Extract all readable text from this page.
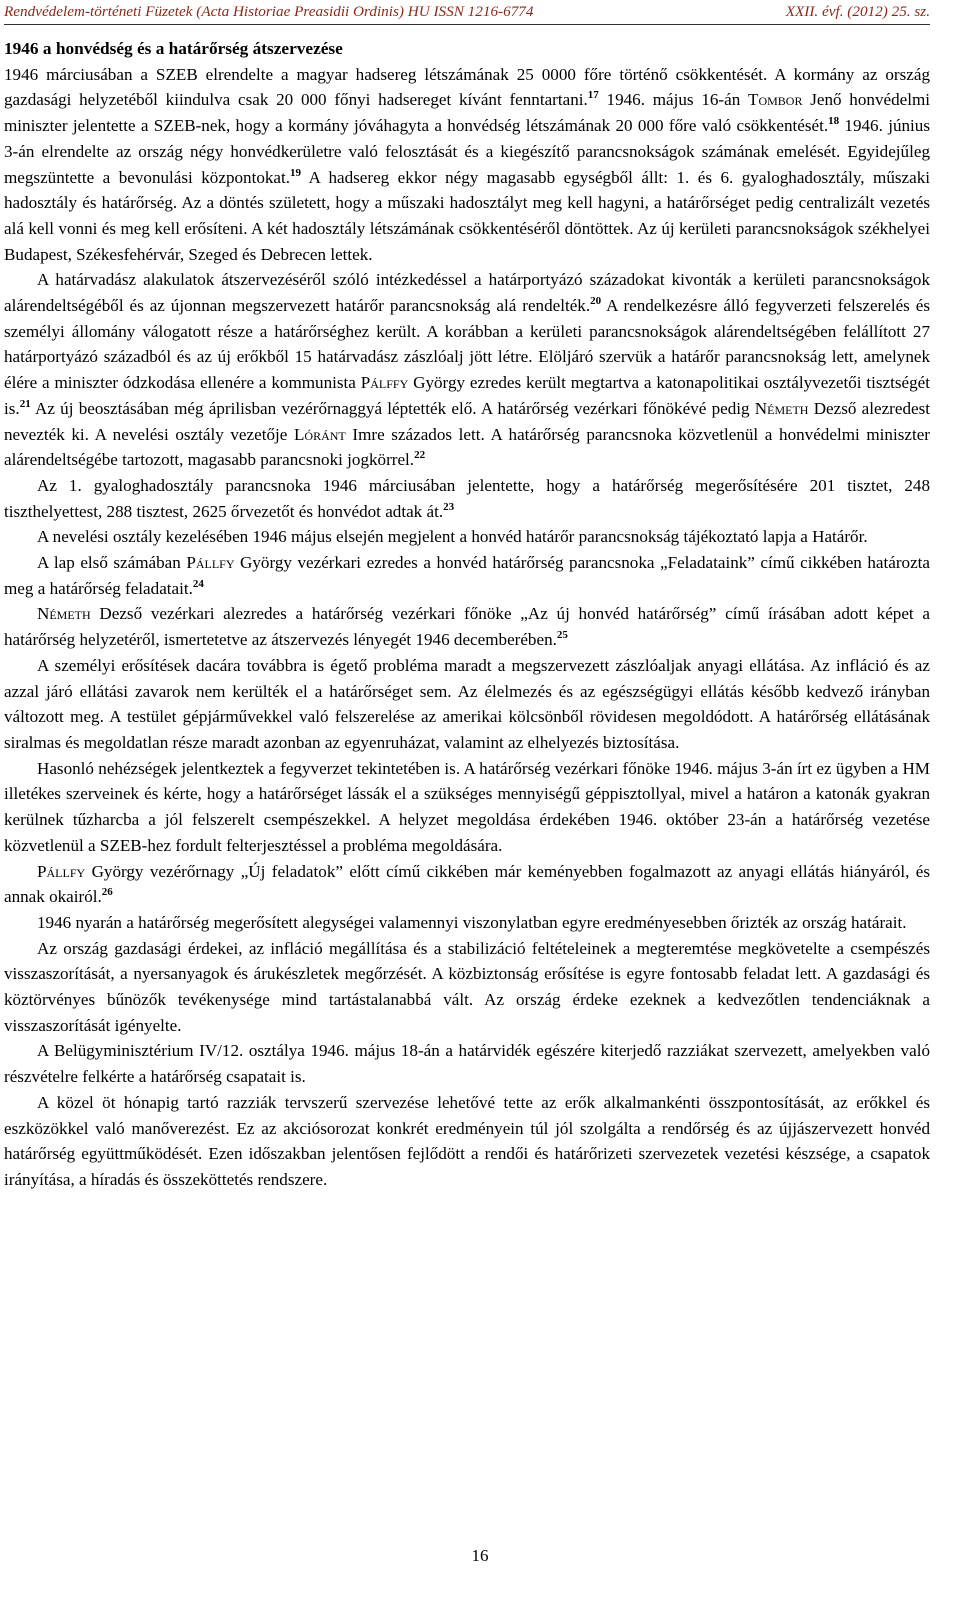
Rendvédelem-történeti Füzetek (Acta Historiae Preasidii Ordinis) HU ISSN 1216-6774	XXII. évf. (2012) 25. sz.
1946 a honvédség és a határőrség átszervezése

1946 márciusában a SZEB elrendelte a magyar hadsereg létszámának 25 0000 főre történő csökkentését. A kormány az ország gazdasági helyzetéből kiindulva csak 20 000 főnyi hadsereget kívánt fenntartani.$^{17}$ 1946. május 16-án Tombor Jenő honvédelmi miniszter jelentette a SZEB-nek, hogy a kormány jóváhagyta a honvédség létszámának 20 000 főre való csökkentését.$^{18}$ 1946. június 3-án elrendelte az ország négy honvédkerületre való felosztását és a kiegészítő parancsnokságok számának emelését. Egyidejűleg megszüntette a bevonulási központokat.$^{19}$ A hadsereg ekkor négy magasabb egységből állt: 1. és 6. gyaloghadosztály, műszaki hadosztály és határőrség. Az a döntés született, hogy a műszaki hadosztályt meg kell hagyni, a határőrséget pedig centralizált vezetés alá kell vonni és meg kell erősíteni. A két hadosztály létszámának csökkentéséről döntöttek. Az új kerületi parancsnokságok székhelyei Budapest, Székesfehérvár, Szeged és Debrecen lettek.

A határvadász alakulatok átszervezéséről szóló intézkedéssel a határportyázó századokat kivonták a kerületi parancsnokságok alárendeltségéből és az újonnan megszervezett határőr parancsnokság alá rendelték.$^{20}$ A rendelkezésre álló fegyverzeti felszerelés és személyi állomány válogatott része a határőrséghez került. A korábban a kerületi parancsnokságok alárendeltségében felállított 27 határportyázó századból és az új erőkből 15 határvadász zászlóalj jött létre. Elöljáró szervük a határőr parancsnokság lett, amelynek élére a miniszter ódzkodása ellenére a kommunista Pálffy György ezredes került megtartva a katonapolitikai osztályvezetői tisztségét is.$^{21}$ Az új beosztásában még áprilisban vezérőrnaggyá léptették elő. A határőrség vezérkari főnökévé pedig Németh Dezső alezredest nevezték ki. A nevelési osztály vezetője Lóránt Imre százados lett. A határőrség parancsnoka közvetlenül a honvédelmi miniszter alárendeltségébe tartozott, magasabb parancsnoki jogkörrel.$^{22}$

Az 1. gyaloghadosztály parancsnoka 1946 márciusában jelentette, hogy a határőrség megerősítésére 201 tisztet, 248 tiszthelyettest, 288 tisztest, 2625 őrvezetőt és honvédot adtak át.$^{23}$

A nevelési osztály kezelésében 1946 május elsején megjelent a honvéd határőr parancsnokság tájékoztató lapja a Határőr.

A lap első számában Pállfy György vezérkari ezredes a honvéd határőrség parancsnoka „Feladataink” című cikkében határozta meg a határőrség feladatait.$^{24}$

Németh Dezső vezérkari alezredes a határőrség vezérkari főnöke „Az új honvéd határőrség” című írásában adott képet a határőrség helyzetéről, ismertetetve az átszervezés lényegét 1946 decemberében.$^{25}$

A személyi erősítések dacára továbbra is égető probléma maradt a megszervezett zászlóaljak anyagi ellátása. Az infláció és az azzal járó ellátási zavarok nem kerülték el a határőrséget sem. Az élelmezés és az egészségügyi ellátás később kedvező irányban változott meg. A testület gépjárművekkel való felszerelése az amerikai kölcsönből rövidesen megoldódott. A határőrség ellátásának siralmas és megoldatlan része maradt azonban az egyenruházat, valamint az elhelyezés biztosítása.

Hasonló nehézségek jelentkeztek a fegyverzet tekintetében is. A határőrség vezérkari főnöke 1946. május 3-án írt ez ügyben a HM illetékes szerveinek és kérte, hogy a határőrséget lássák el a szükséges mennyiségű géppisztollyal, mivel a határon a katonák gyakran kerülnek tűzharcba a jól felszerelt csempészekkel. A helyzet megoldása érdekében 1946. október 23-án a határőrség vezetése közvetlenül a SZEB-hez fordult felterjesztéssel a probléma megoldására.

Pállfy György vezérőrnagy „Új feladatok” előtt című cikkében már keményebben fogalmazott az anyagi ellátás hiányáról, és annak okairól.$^{26}$

1946 nyarán a határőrség megerősített alegységei valamennyi viszonylatban egyre eredményesebben őrizték az ország határait.

Az ország gazdasági érdekei, az infláció megállítása és a stabilizáció feltételeinek a megteremtése megkövetelte a csempészés visszaszorítását, a nyersanyagok és árukészletek megőrzését. A közbiztonság erősítése is egyre fontosabb feladat lett. A gazdasági és köztörvényes bűnözők tevékenysége mind tartástalanabbá vált. Az ország érdeke ezeknek a kedvezőtlen tendenciáknak a visszaszorítását igényelte.

A Belügyminisztérium IV/12. osztálya 1946. május 18-án a határvidék egészére kiterjedő razziákat szervezett, amelyekben való részvételre felkérte a határőrség csapatait is.

A közel öt hónapig tartó razziák tervszerű szervezése lehetővé tette az erők alkalmankénti összpontosítását, az erőkkel és eszközökkel való manőverezést. Ez az akciósorozat konkrét eredményein túl jól szolgálta a rendőrség és az újjászervezett honvéd határőrség együttműködését. Ezen időszakban jelentősen fejlődött a rendői és határőrizeti szervezetek vezetési készsége, a csapatok irányítása, a híradás és összeköttetés rendszere.

16
